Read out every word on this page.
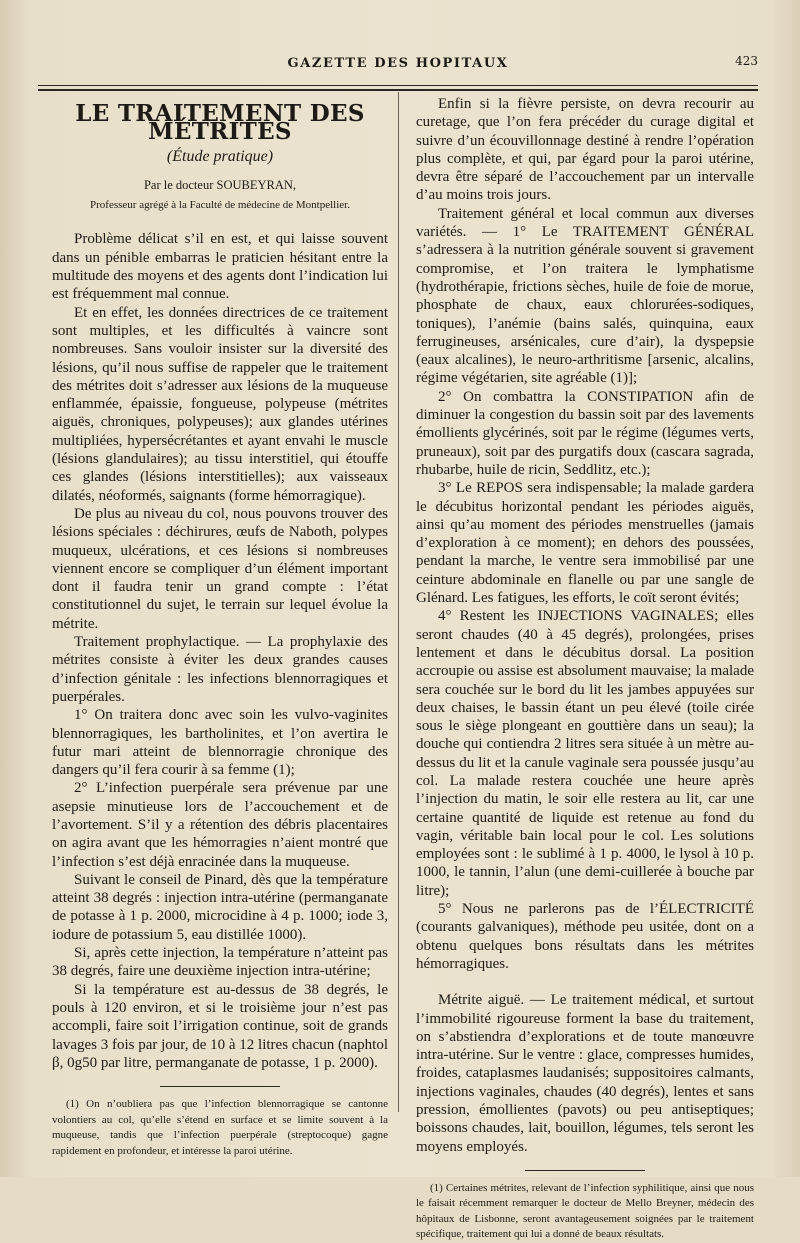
GAZETTE DES HOPITAUX	423
LE TRAITEMENT DES MÉTRITES
(Étude pratique)
Par le docteur SOUBEYRAN,
Professeur agrégé à la Faculté de médecine de Montpellier.

Problème délicat s’il en est, et qui laisse souvent dans un pénible embarras le praticien hésitant entre la multitude des moyens et des agents dont l’indication lui est fréquemment mal connue.

Et en effet, les données directrices de ce traitement sont multiples, et les difficultés à vaincre sont nombreuses. Sans vouloir insister sur la diversité des lésions, qu’il nous suffise de rappeler que le traitement des métrites doit s’adresser aux lésions de la muqueuse enflammée, épaissie, fongueuse, polypeuse (métrites aiguës, chroniques, polypeuses); aux glandes utérines multipliées, hypersécrétantes et ayant envahi le muscle (lésions glandulaires); au tissu interstitiel, qui étouffe ces glandes (lésions interstitielles); aux vaisseaux dilatés, néoformés, saignants (forme hémorragique).

De plus au niveau du col, nous pouvons trouver des lésions spéciales : déchirures, œufs de Naboth, polypes muqueux, ulcérations, et ces lésions si nombreuses viennent encore se compliquer d’un élément important dont il faudra tenir un grand compte : l’état constitutionnel du sujet, le terrain sur lequel évolue la métrite.

Traitement prophylactique. — La prophylaxie des métrites consiste à éviter les deux grandes causes d’infection génitale : les infections blennorragiques et puerpérales.

1° On traitera donc avec soin les vulvo-vaginites blennorragiques, les bartholinites, et l’on avertira le futur mari atteint de blennorragie chronique des dangers qu’il fera courir à sa femme (1);

2° L’infection puerpérale sera prévenue par une asepsie minutieuse lors de l’accouchement et de l’avortement. S’il y a rétention des débris placentaires on agira avant que les hémorragies n’aient montré que l’infection s’est déjà enracinée dans la muqueuse.

Suivant le conseil de Pinard, dès que la température atteint 38 degrés : injection intra-utérine (permanganate de potasse à 1 p. 2000, microcidine à 4 p. 1000; iode 3, iodure de potassium 5, eau distillée 1000).

Si, après cette injection, la température n’atteint pas 38 degrés, faire une deuxième injection intra-utérine;

Si la température est au-dessus de 38 degrés, le pouls à 120 environ, et si le troisième jour n’est pas accompli, faire soit l’irrigation continue, soit de grands lavages 3 fois par jour, de 10 à 12 litres chacun (naphtol β, 0g50 par litre, permanganate de potasse, 1 p. 2000).

(1) On n’oubliera pas que l’infection blennorragique se cantonne volontiers au col, qu’elle s’étend en surface et se limite souvent à la muqueuse, tandis que l’infection puerpérale (streptocoque) gagne rapidement en profondeur, et intéresse la paroi utérine.

Enfin si la fièvre persiste, on devra recourir au curetage, que l’on fera précéder du curage digital et suivre d’un écouvillonnage destiné à rendre l’opération plus complète, et qui, par égard pour la paroi utérine, devra être séparé de l’accouchement par un intervalle d’au moins trois jours.

Traitement général et local commun aux diverses variétés. — 1° Le TRAITEMENT GÉNÉRAL s’adressera à la nutrition générale souvent si gravement compromise, et l’on traitera le lymphatisme (hydrothérapie, frictions sèches, huile de foie de morue, phosphate de chaux, eaux chlorurées-sodiques, toniques), l’anémie (bains salés, quinquina, eaux ferrugineuses, arsénicales, cure d’air), la dyspepsie (eaux alcalines), le neuro-arthritisme [arsenic, alcalins, régime végétarien, site agréable (1)];

2° On combattra la CONSTIPATION afin de diminuer la congestion du bassin soit par des lavements émollients glycérinés, soit par le régime (légumes verts, pruneaux), soit par des purgatifs doux (cascara sagrada, rhubarbe, huile de ricin, Seddlitz, etc.);

3° Le REPOS sera indispensable; la malade gardera le décubitus horizontal pendant les périodes aiguës, ainsi qu’au moment des périodes menstruelles (jamais d’exploration à ce moment); en dehors des poussées, pendant la marche, le ventre sera immobilisé par une ceinture abdominale en flanelle ou par une sangle de Glénard. Les fatigues, les efforts, le coït seront évités;

4° Restent les INJECTIONS VAGINALES; elles seront chaudes (40 à 45 degrés), prolongées, prises lentement et dans le décubitus dorsal. La position accroupie ou assise est absolument mauvaise; la malade sera couchée sur le bord du lit les jambes appuyées sur deux chaises, le bassin étant un peu élevé (toile cirée sous le siège plongeant en gouttière dans un seau); la douche qui contiendra 2 litres sera située à un mètre au-dessus du lit et la canule vaginale sera poussée jusqu’au col. La malade restera couchée une heure après l’injection du matin, le soir elle restera au lit, car une certaine quantité de liquide est retenue au fond du vagin, véritable bain local pour le col. Les solutions employées sont : le sublimé à 1 p. 4000, le lysol à 10 p. 1000, le tannin, l’alun (une demi-cuillerée à bouche par litre);

5° Nous ne parlerons pas de l’ÉLECTRICITÉ (courants galvaniques), méthode peu usitée, dont on a obtenu quelques bons résultats dans les métrites hémorragiques.

Métrite aiguë. — Le traitement médical, et surtout l’immobilité rigoureuse forment la base du traitement, on s’abstiendra d’explorations et de toute manœuvre intra-utérine. Sur le ventre : glace, compresses humides, froides, cataplasmes laudanisés; suppositoires calmants, injections vaginales, chaudes (40 degrés), lentes et sans pression, émollientes (pavots) ou peu antiseptiques; boissons chaudes, lait, bouillon, légumes, tels seront les moyens employés.

(1) Certaines métrites, relevant de l’infection syphilitique, ainsi que nous le faisait récemment remarquer le docteur de Mello Breyner, médecin des hôpitaux de Lisbonne, seront avantageusement soignées par le traitement spécifique, traitement qui lui a donné de beaux résultats.
